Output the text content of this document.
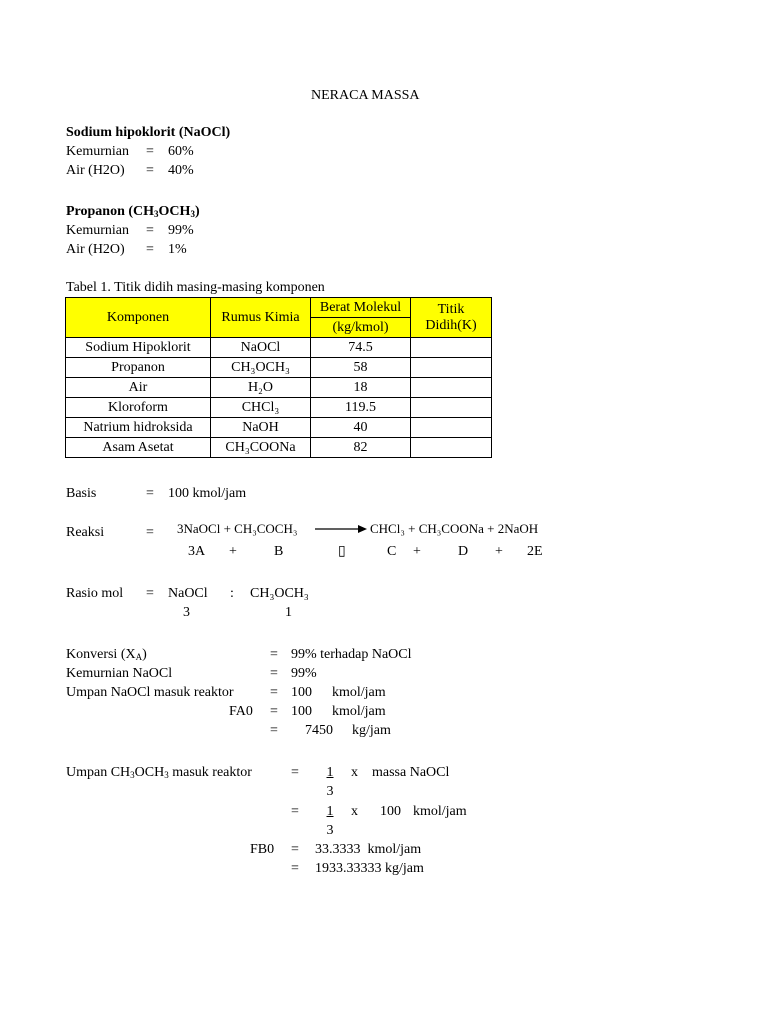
NERACA MASSA
Sodium hipoklorit (NaOCl)
Kemurnian = 60%
Air (H2O) = 40%
Propanon $(CH_3OCH_3)$
Kemurnian = 99%
Air (H2O) = 1%
Tabel 1. Titik didih masing-masing komponen
Komponen	Rumus Kimia	Berat Molekul	Titik Didih(K)
		(kg/kmol)	
Sodium Hipoklorit	NaOCl	74.5	
Propanon	CH₃OCH₃	58	
Air	H₂O	18	
Kloroform	CHCl₃	119.5	
Natrium hidroksida	NaOH	40	
Asam Asetat	CH₃COONa	82	
Basis	= 100 kmol/jam
Reaksi	= 3NaOCl + CH₃COCH₃ → CHCl₃ + CH₃COONa + 2NaOH
3A +	B	▯	C +	D + 2E
Rasio mol = NaOCl : CH₃OCH₃
3	1
Konversi $(X_A)$	= 99% terhadap NaOCl
Kemurnian NaOCl	= 99%
Umpan NaOCl masuk reaktor	= 100 kmol/jam
FA0 = 100 kmol/jam
= 7450 kg/jam
Umpan $CH_3OCH_3$ masuk reaktor	= $\frac{1}{3}$ x massa NaOCl
= $\frac{1}{3}$ x 100 kmol/jam
FB0 = 33.3333  kmol/jam
= 1933.33333 kg/jam
